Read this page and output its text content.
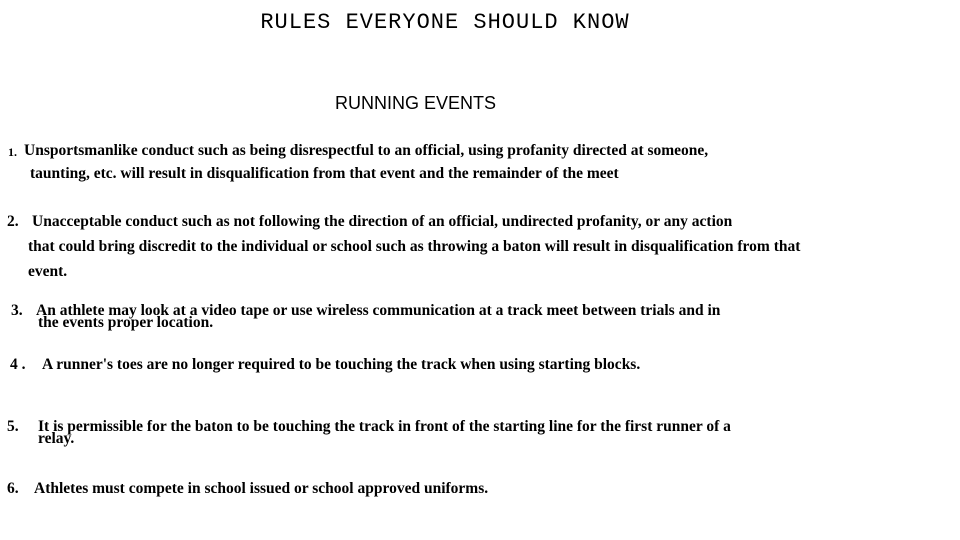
RULES EVERYONE SHOULD KNOW
RUNNING EVENTS
1. Unsportsmanlike conduct such as being disrespectful to an official, using profanity directed at someone,
taunting, etc. will result in disqualification from that event and the remainder of the meet
2. Unacceptable conduct such as not following the direction of an official, undirected profanity, or any action
that could bring discredit to the individual or school such as throwing a baton will result in disqualification from that
event.
3. An athlete may look at a video tape or use wireless communication at a track meet between trials and in
the events proper location.
4 . A runner's toes are no longer required to be touching the track when using starting blocks.
5. It is permissible for the baton to be touching the track in front of the starting line for the first runner of a
relay.
6. Athletes must compete in school issued or school approved uniforms.
